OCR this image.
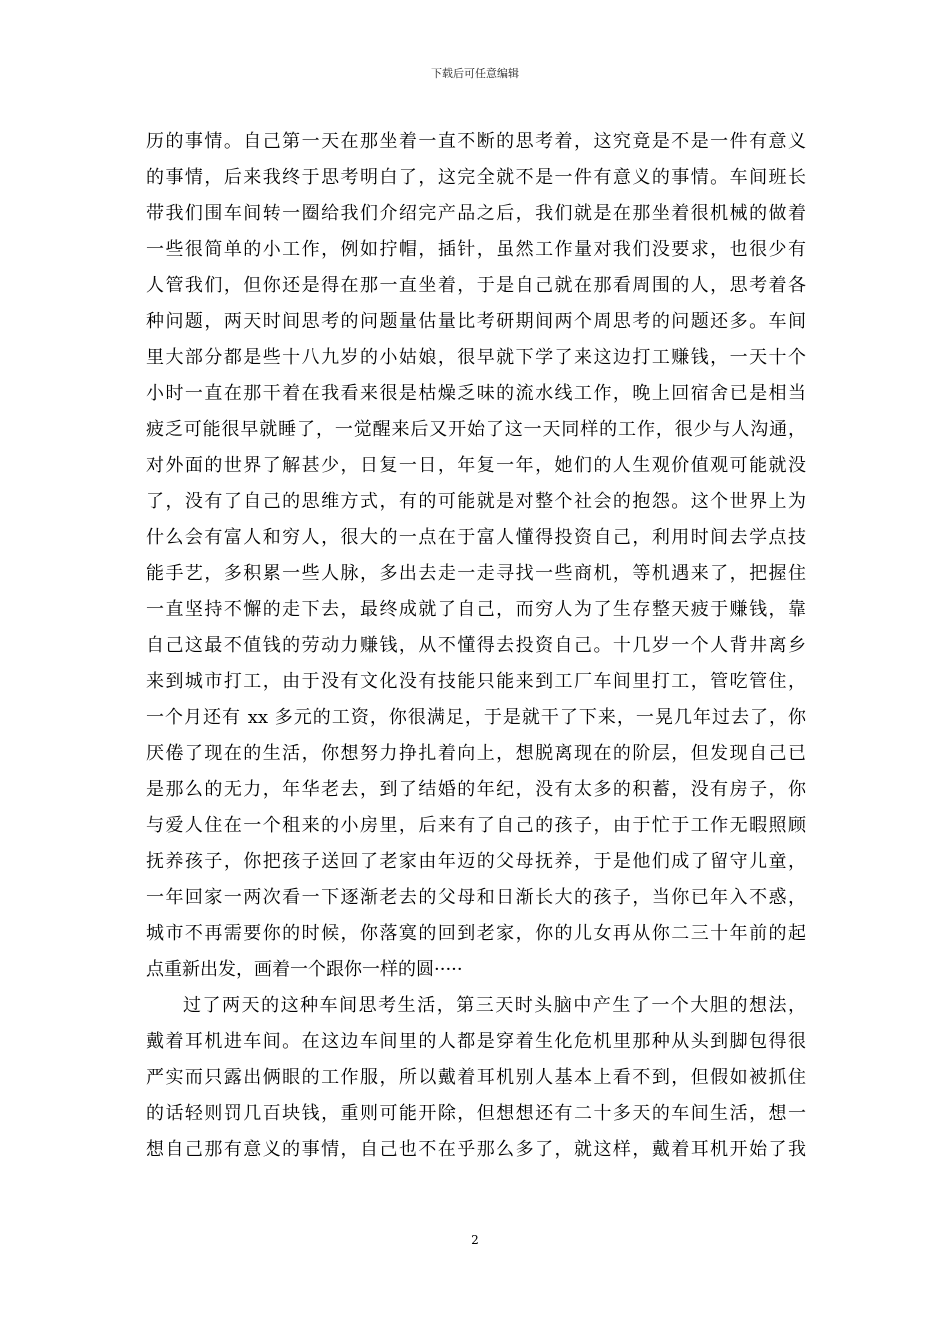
下载后可任意编辑
历的事情。自己第一天在那坐着一直不断的思考着，这究竟是不是一件有意义
的事情，后来我终于思考明白了，这完全就不是一件有意义的事情。车间班长
带我们围车间转一圈给我们介绍完产品之后，我们就是在那坐着很机械的做着
一些很简单的小工作，例如拧帽，插针，虽然工作量对我们没要求，也很少有
人管我们，但你还是得在那一直坐着，于是自己就在那看周围的人，思考着各
种问题，两天时间思考的问题量估量比考研期间两个周思考的问题还多。车间
里大部分都是些十八九岁的小姑娘，很早就下学了来这边打工赚钱，一天十个
小时一直在那干着在我看来很是枯燥乏味的流水线工作，晚上回宿舍已是相当
疲乏可能很早就睡了，一觉醒来后又开始了这一天同样的工作，很少与人沟通，
对外面的世界了解甚少，日复一日，年复一年，她们的人生观价值观可能就没
了，没有了自己的思维方式，有的可能就是对整个社会的抱怨。这个世界上为
什么会有富人和穷人，很大的一点在于富人懂得投资自己，利用时间去学点技
能手艺，多积累一些人脉，多出去走一走寻找一些商机，等机遇来了，把握住
一直坚持不懈的走下去，最终成就了自己，而穷人为了生存整天疲于赚钱，靠
自己这最不值钱的劳动力赚钱，从不懂得去投资自己。十几岁一个人背井离乡
来到城市打工，由于没有文化没有技能只能来到工厂车间里打工，管吃管住，
一个月还有 xx 多元的工资，你很满足，于是就干了下来，一晃几年过去了，你
厌倦了现在的生活，你想努力挣扎着向上，想脱离现在的阶层，但发现自己已
是那么的无力，年华老去，到了结婚的年纪，没有太多的积蓄，没有房子，你
与爱人住在一个租来的小房里，后来有了自己的孩子，由于忙于工作无暇照顾
抚养孩子，你把孩子送回了老家由年迈的父母抚养，于是他们成了留守儿童，
一年回家一两次看一下逐渐老去的父母和日渐长大的孩子，当你已年入不惑，
城市不再需要你的时候，你落寞的回到老家，你的儿女再从你二三十年前的起
点重新出发，画着一个跟你一样的圆·····
过了两天的这种车间思考生活，第三天时头脑中产生了一个大胆的想法，
戴着耳机进车间。在这边车间里的人都是穿着生化危机里那种从头到脚包得很
严实而只露出俩眼的工作服，所以戴着耳机别人基本上看不到，但假如被抓住
的话轻则罚几百块钱，重则可能开除，但想想还有二十多天的车间生活，想一
想自己那有意义的事情，自己也不在乎那么多了，就这样，戴着耳机开始了我
2
